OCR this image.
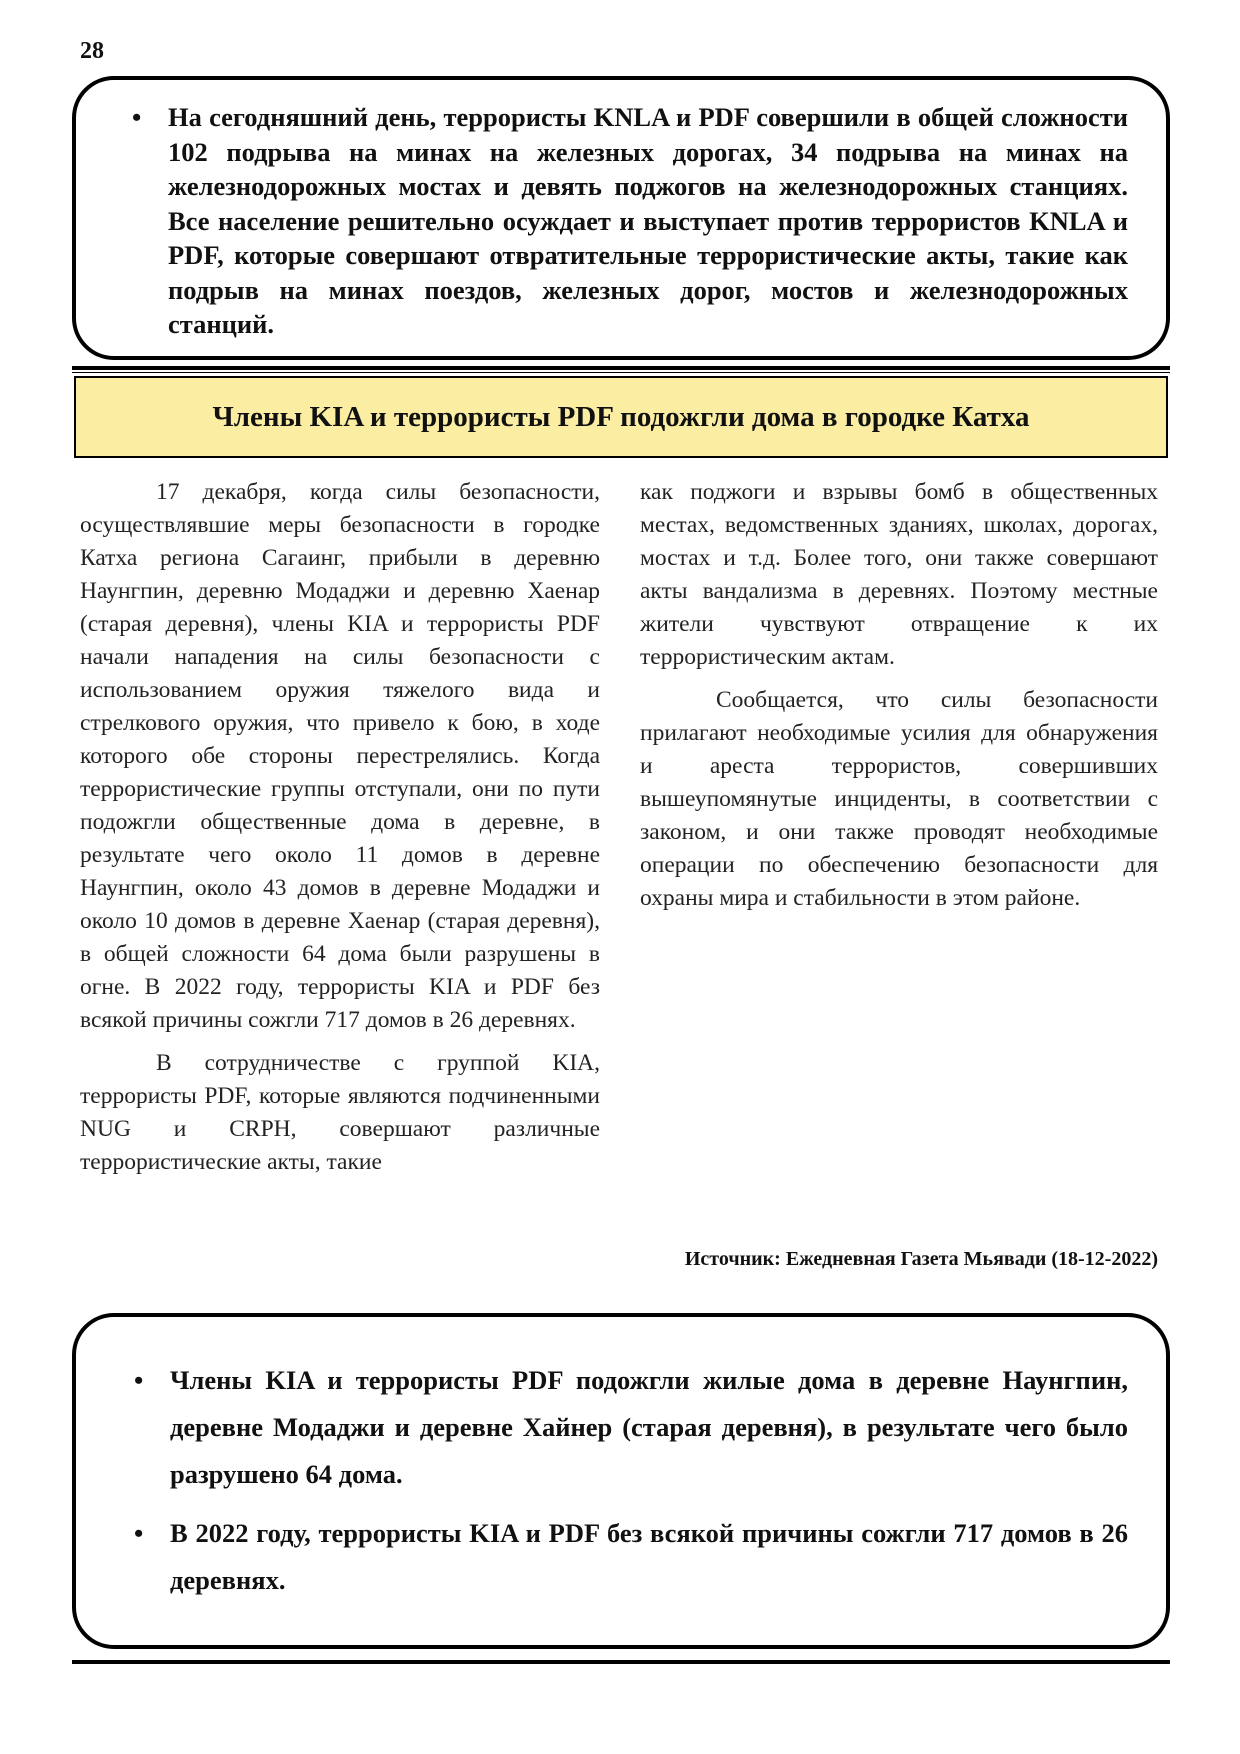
28
• На сегодняшний день, террористы KNLA и PDF совершили в общей сложности 102 подрыва на минах на железных дорогах, 34 подрыва на минах на железнодорожных мостах и девять поджогов на железнодорожных станциях. Все население решительно осуждает и выступает против террористов KNLA и PDF, которые совершают отвратительные террористические акты, такие как подрыв на минах поездов, железных дорог, мостов и железнодорожных станций.
Члены KIA и террористы PDF подожгли дома в городке Катха

17 декабря, когда силы безопасности, осуществлявшие меры безопасности в городке Катха региона Сагаинг, прибыли в деревню Наунгпин, деревню Модаджи и деревню Хаенар (старая деревня), члены KIA и террористы PDF начали нападения на силы безопасности с использованием оружия тяжелого вида и стрелкового оружия, что привело к бою, в ходе которого обе стороны перестрелялись. Когда террористические группы отступали, они по пути подожгли общественные дома в деревне, в результате чего около 11 домов в деревне Наунгпин, около 43 домов в деревне Модаджи и около 10 домов в деревне Хаенар (старая деревня), в общей сложности 64 дома были разрушены в огне. В 2022 году, террористы KIA и PDF без всякой причины сожгли 717 домов в 26 деревнях.

В сотрудничестве с группой KIA, террористы PDF, которые являются подчиненными NUG и CRPH, совершают различные террористические акты, такие

как поджоги и взрывы бомб в общественных местах, ведомственных зданиях, школах, дорогах, мостах и т.д. Более того, они также совершают акты вандализма в деревнях. Поэтому местные жители чувствуют отвращение к их террористическим актам.

Сообщается, что силы безопасности прилагают необходимые усилия для обнаружения и ареста террористов, совершивших вышеупомянутые инциденты, в соответствии с законом, и они также проводят необходимые операции по обеспечению безопасности для охраны мира и стабильности в этом районе.

Источник: Ежедневная Газета Мьявади (18-12-2022)
• Члены KIA и террористы PDF подожгли жилые дома в деревне Наунгпин, деревне Модаджи и деревне Хайнер (старая деревня), в результате чего было разрушено 64 дома.
• В 2022 году, террористы KIA и PDF без всякой причины сожгли 717 домов в 26 деревнях.
